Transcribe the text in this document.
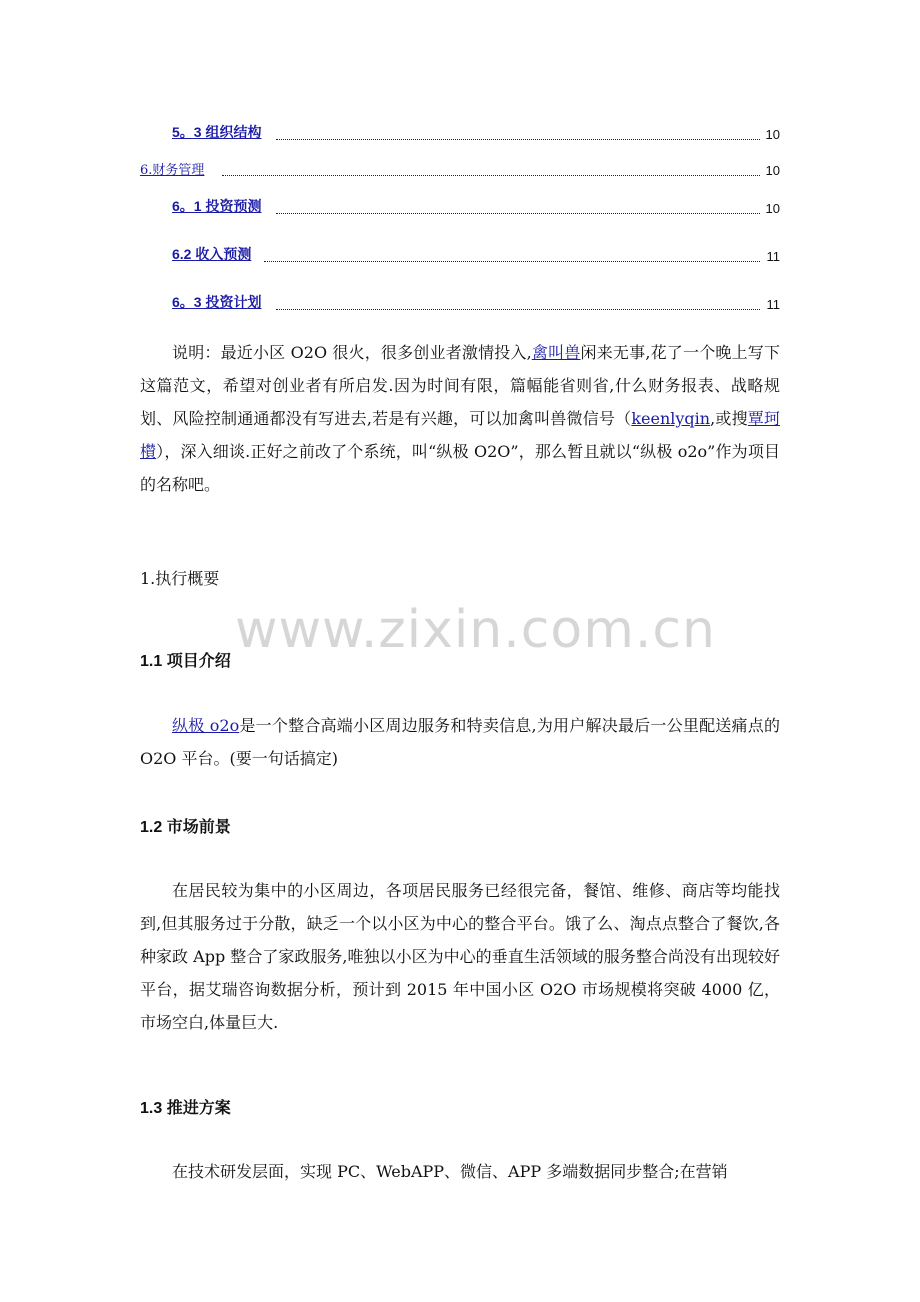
5。3 组织结构	10
6.财务管理	10
6。1 投资预测	10
6.2 收入预测	11
6。3 投资计划	11

说明：最近小区 O2O 很火，很多创业者激情投入,禽叫兽闲来无事,花了一个晚上写下这篇范文，希望对创业者有所启发.因为时间有限，篇幅能省则省,什么财务报表、战略规划、风险控制通通都没有写进去,若是有兴趣，可以加禽叫兽微信号（keenlyqin,或搜覃珂櫕），深入细谈.正好之前改了个系统，叫“纵极 O2O”，那么暂且就以“纵极 o2o”作为项目的名称吧。

1.执行概要
www.zixin.com.cn
1.1 项目介绍

纵极 o2o是一个整合高端小区周边服务和特卖信息,为用户解决最后一公里配送痛点的 O2O 平台。(要一句话搞定)

1.2 市场前景

在居民较为集中的小区周边，各项居民服务已经很完备，餐馆、维修、商店等均能找到,但其服务过于分散，缺乏一个以小区为中心的整合平台。饿了么、淘点点整合了餐饮,各种家政 App 整合了家政服务,唯独以小区为中心的垂直生活领域的服务整合尚没有出现较好平台，据艾瑞咨询数据分析，预计到 2015 年中国小区 O2O 市场规模将突破 4000 亿，市场空白,体量巨大.

1.3 推进方案

在技术研发层面，实现 PC、WebAPP、微信、APP 多端数据同步整合;在营销
